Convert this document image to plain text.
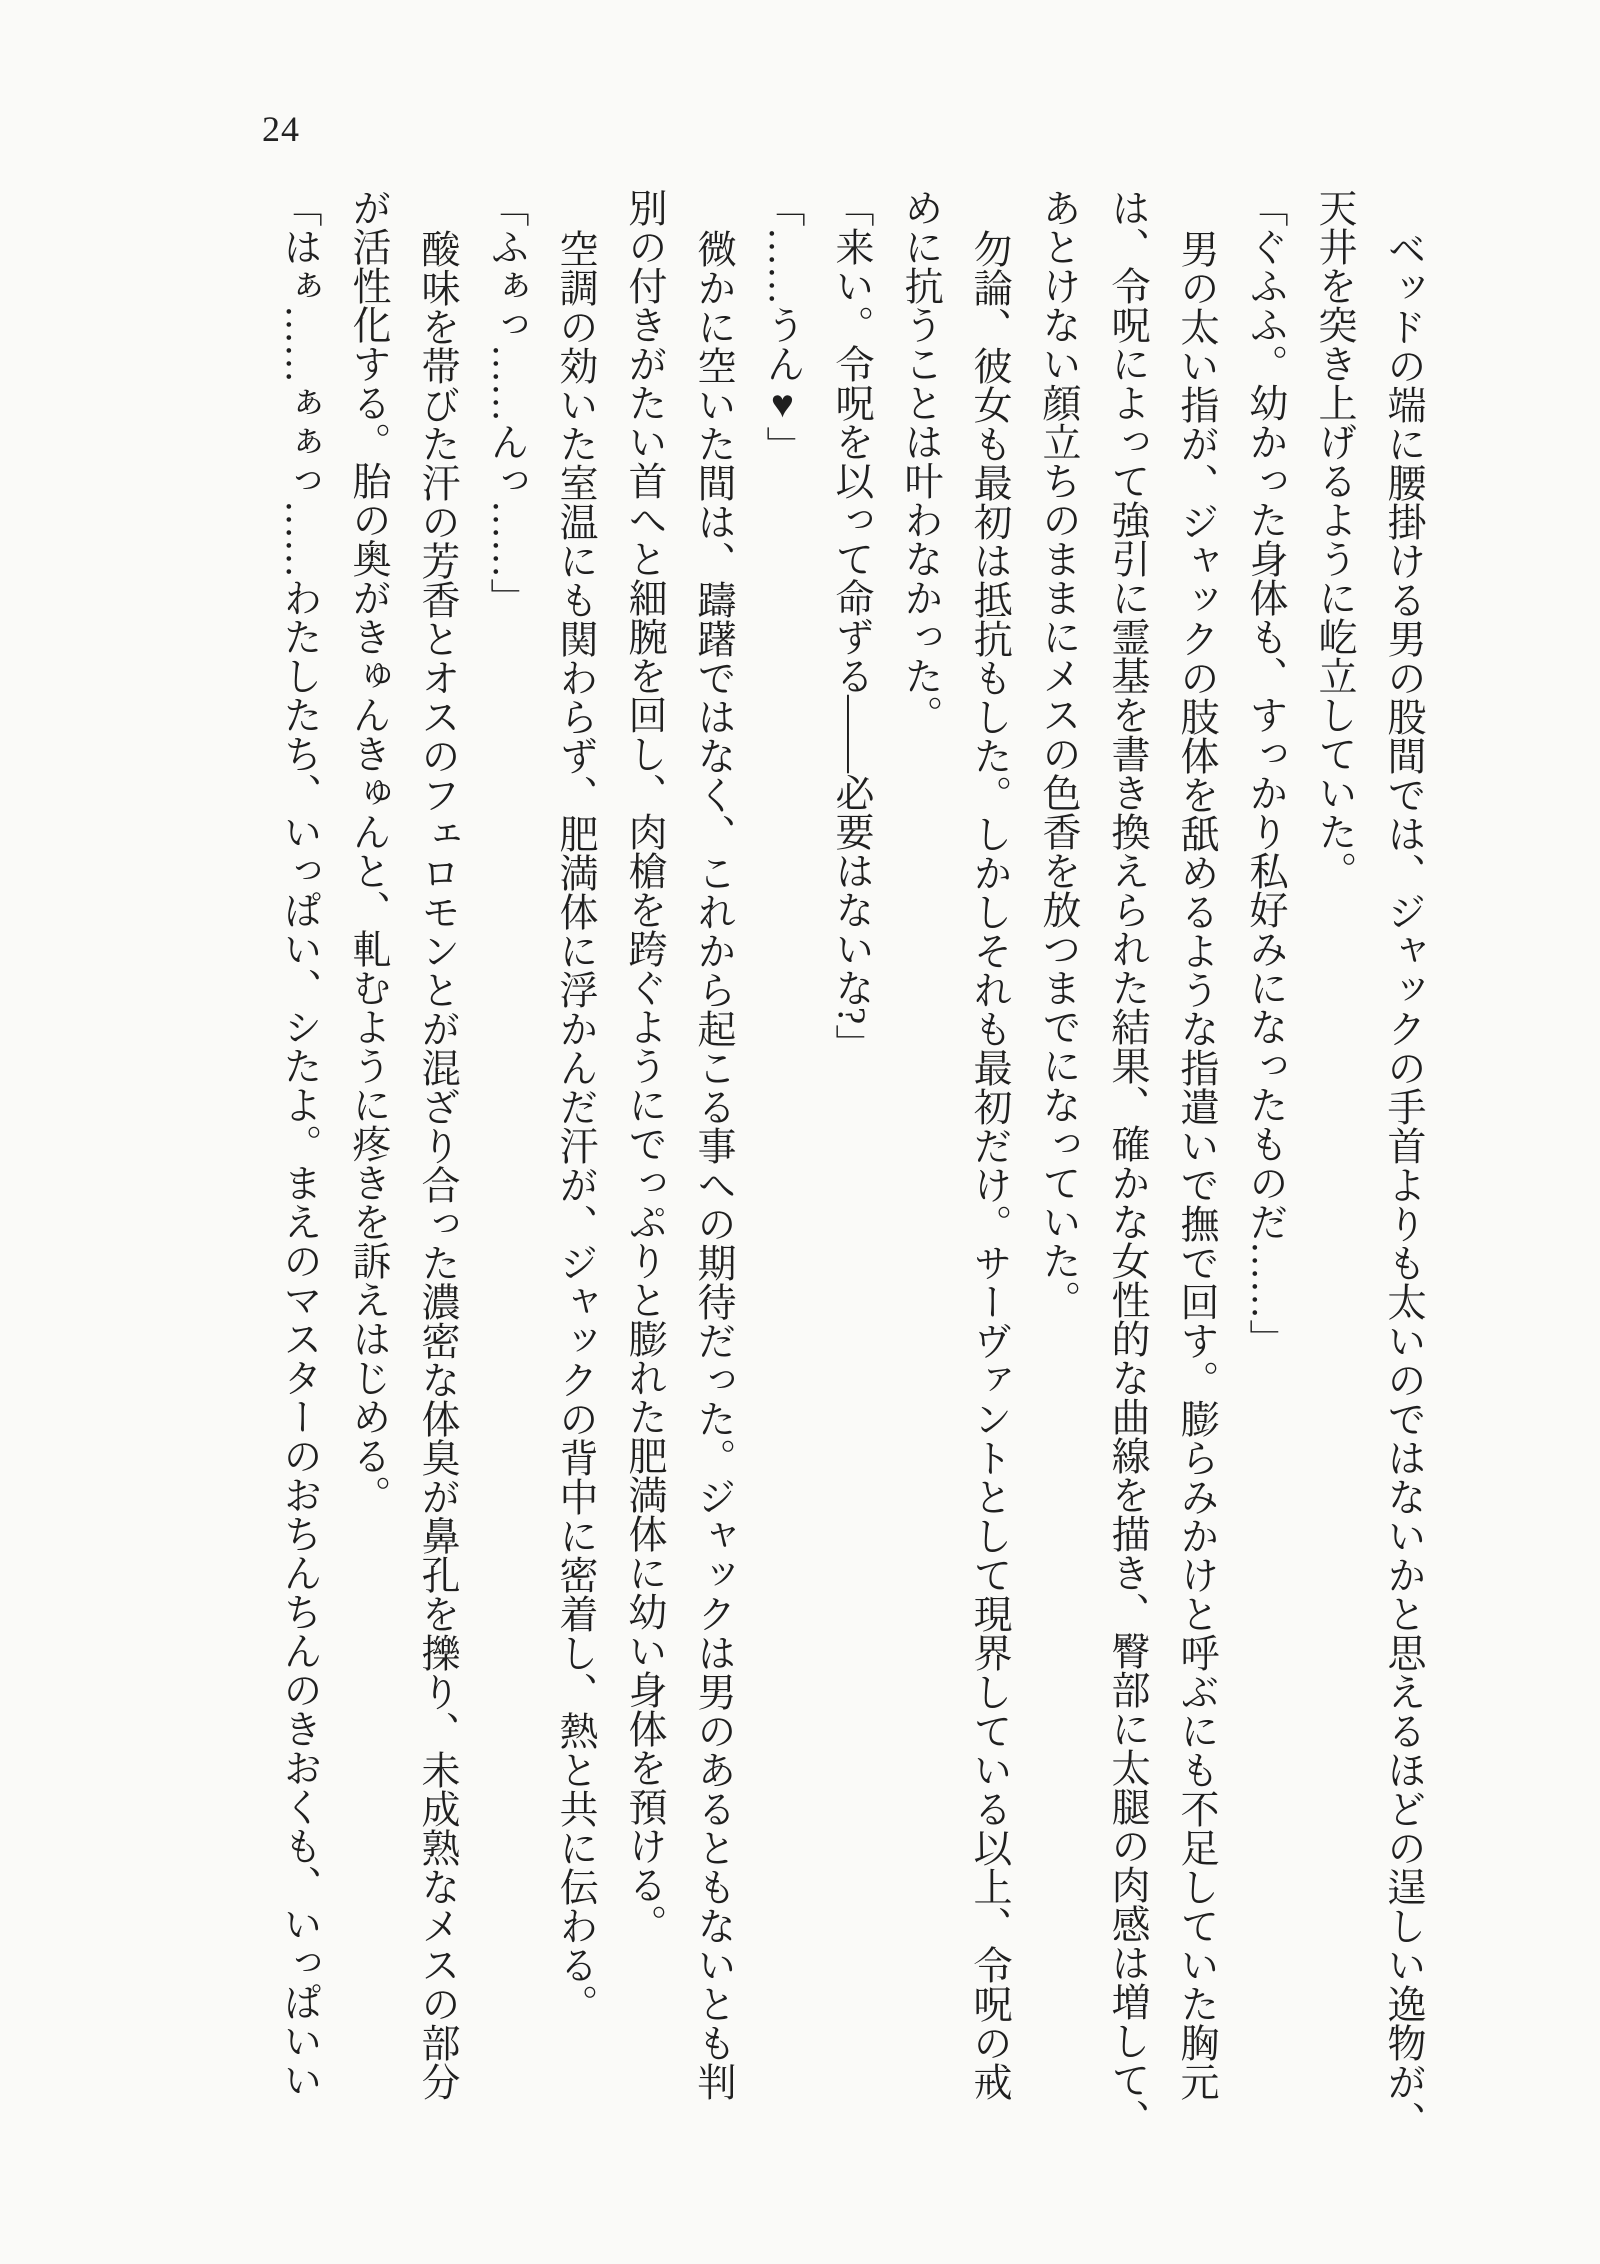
24

ベッドの端に腰掛ける男の股間では、ジャックの手首よりも太いのではないかと思えるほどの逞しい逸物が、

天井を突き上げるように屹立していた。

「ぐふふ。幼かった身体も、すっかり私好みになったものだ……」

男の太い指が、ジャックの肢体を舐めるような指遣いで撫で回す。膨らみかけと呼ぶにも不足していた胸元

は、令呪によって強引に霊基を書き換えられた結果、確かな女性的な曲線を描き、臀部に太腿の肉感は増して、

あとけない顔立ちのままにメスの色香を放つまでになっていた。

勿論、彼女も最初は抵抗もした。しかしそれも最初だけ。サーヴァントとして現界している以上、令呪の戒

めに抗うことは叶わなかった。

「来い。令呪を以って命ずる――必要はないな?」

「……うん♥」

微かに空いた間は、躊躇ではなく、これから起こる事への期待だった。ジャックは男のあるともないとも判

別の付きがたい首へと細腕を回し、肉槍を跨ぐようにでっぷりと膨れた肥満体に幼い身体を預ける。

空調の効いた室温にも関わらず、肥満体に浮かんだ汗が、ジャックの背中に密着し、熱と共に伝わる。

「ふぁっ……んっ……」

酸味を帯びた汗の芳香とオスのフェロモンとが混ざり合った濃密な体臭が鼻孔を擽り、未成熟なメスの部分

が活性化する。胎の奥がきゅんきゅんと、軋むように疼きを訴えはじめる。

「はぁ……ぁぁっ……わたしたち、いっぱい、シたよ。まえのマスターのおちんちんのきおくも、いっぱいい
